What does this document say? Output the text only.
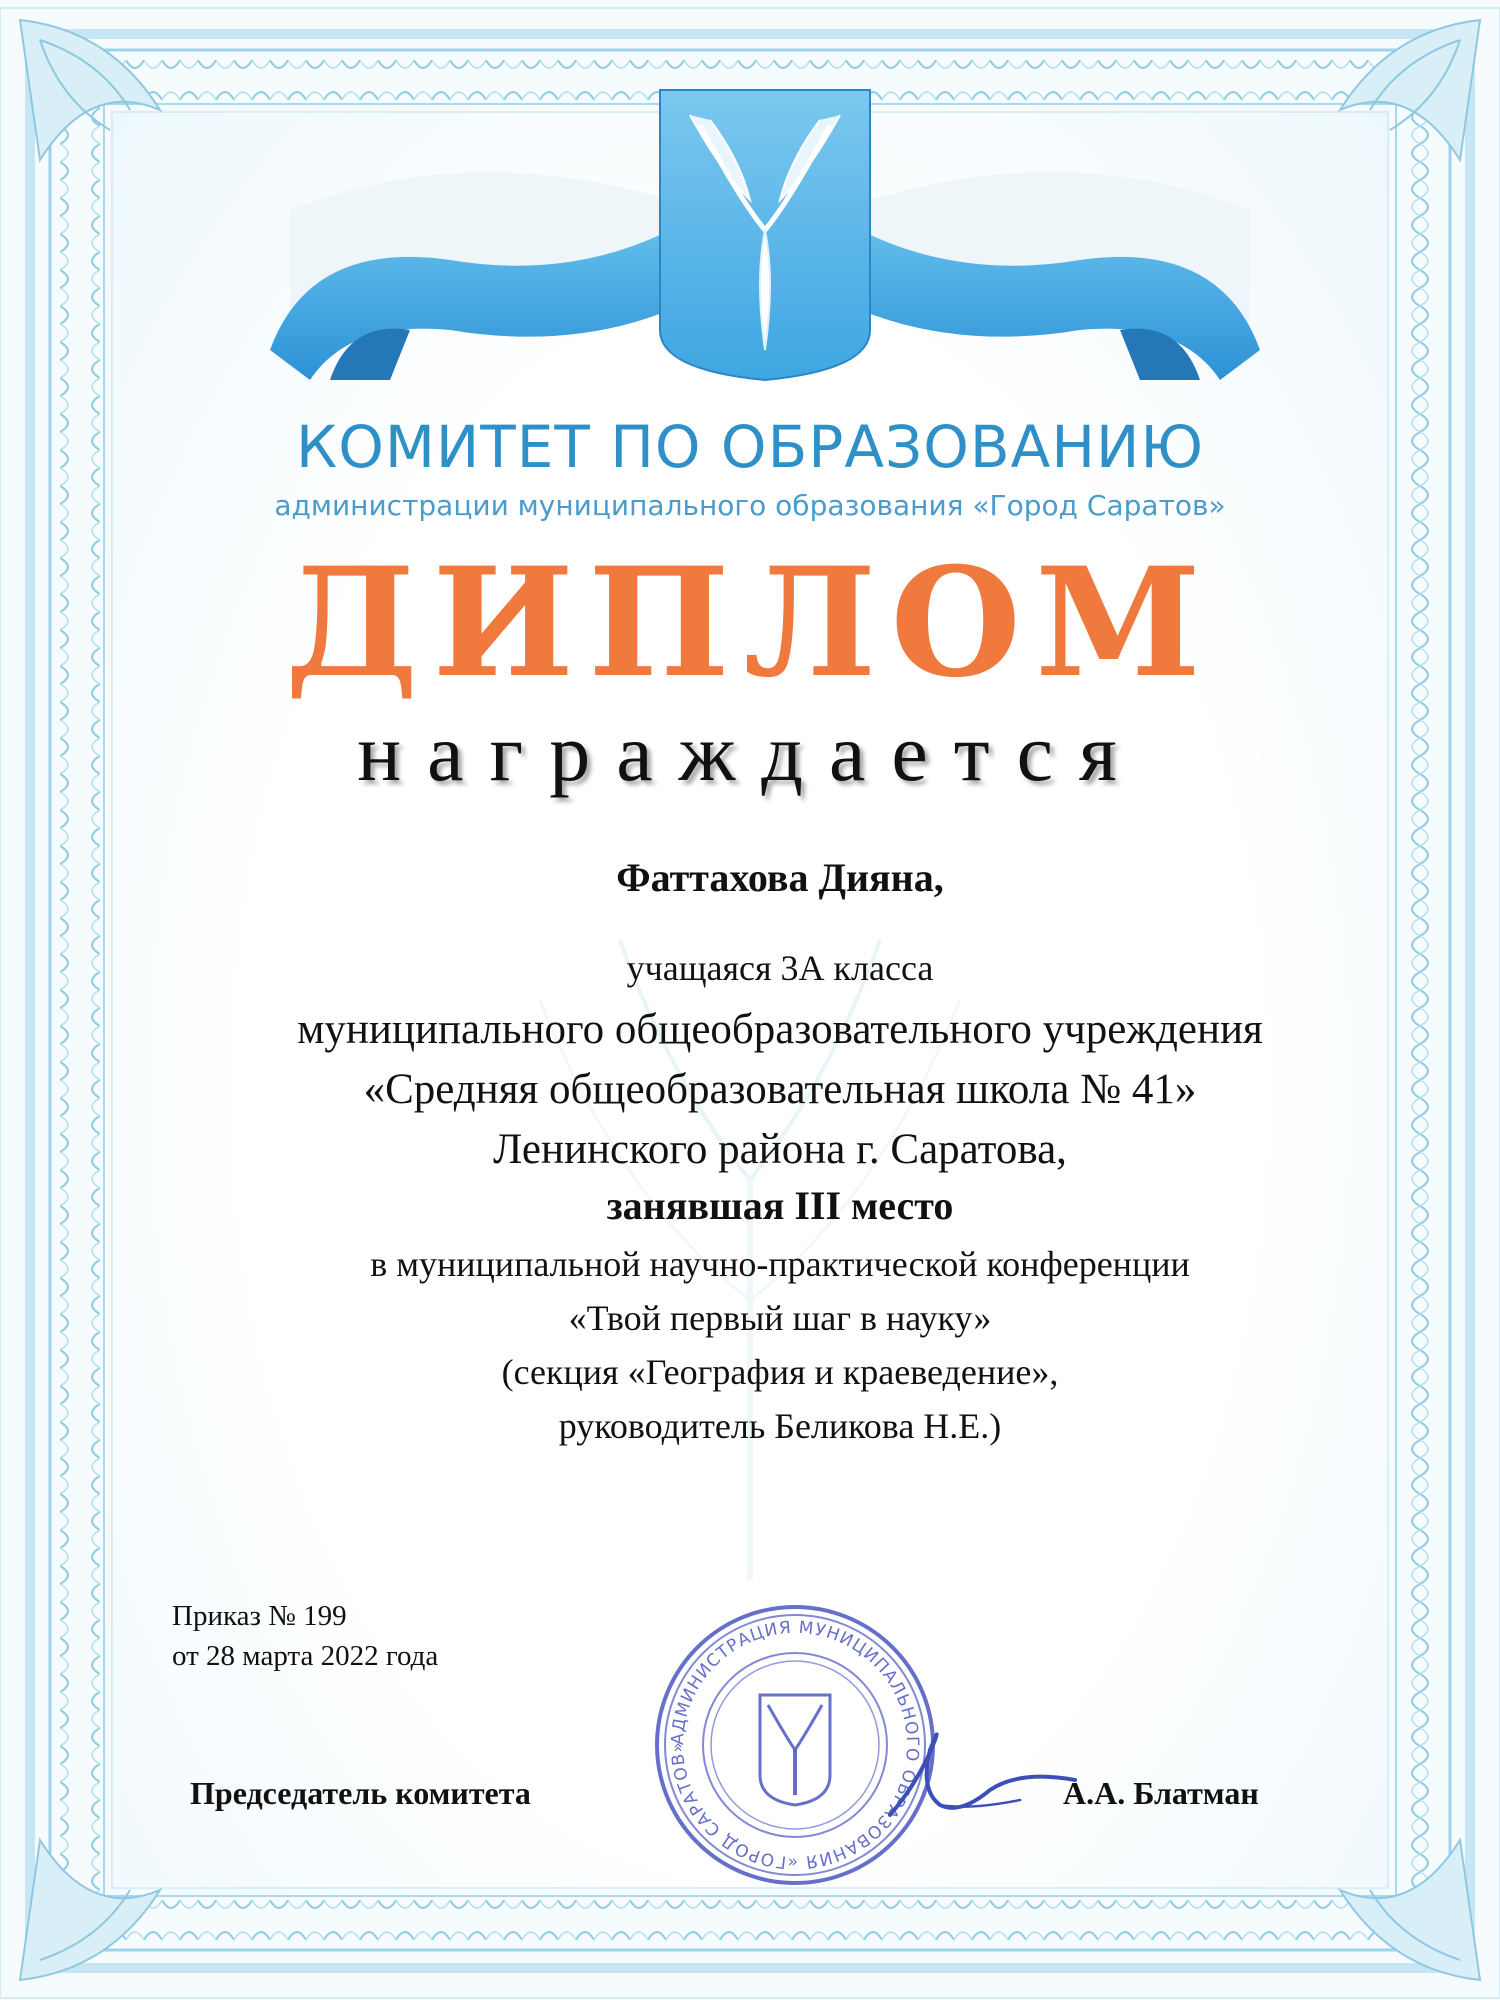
КОМИТЕТ ПО ОБРАЗОВАНИЮ
администрации муниципального образования «Город Саратов»
ДИПЛОМ
награждается
Фаттахова Дияна,
учащаяся 3А класса
муниципального общеобразовательного учреждения
«Средняя общеобразовательная школа № 41»
Ленинского района г. Саратова,
занявшая III место
в муниципальной научно-практической конференции
«Твой первый шаг в науку»
(секция «География и краеведение»,
руководитель Беликова Н.Е.)
Приказ № 199
от 28 марта 2022 года
АДМИНИСТРАЦИЯ МУНИЦИПАЛЬНОГО ОБРАЗОВАНИЯ «ГОРОД САРАТОВ»
Председатель комитета	А.А. Блатман
